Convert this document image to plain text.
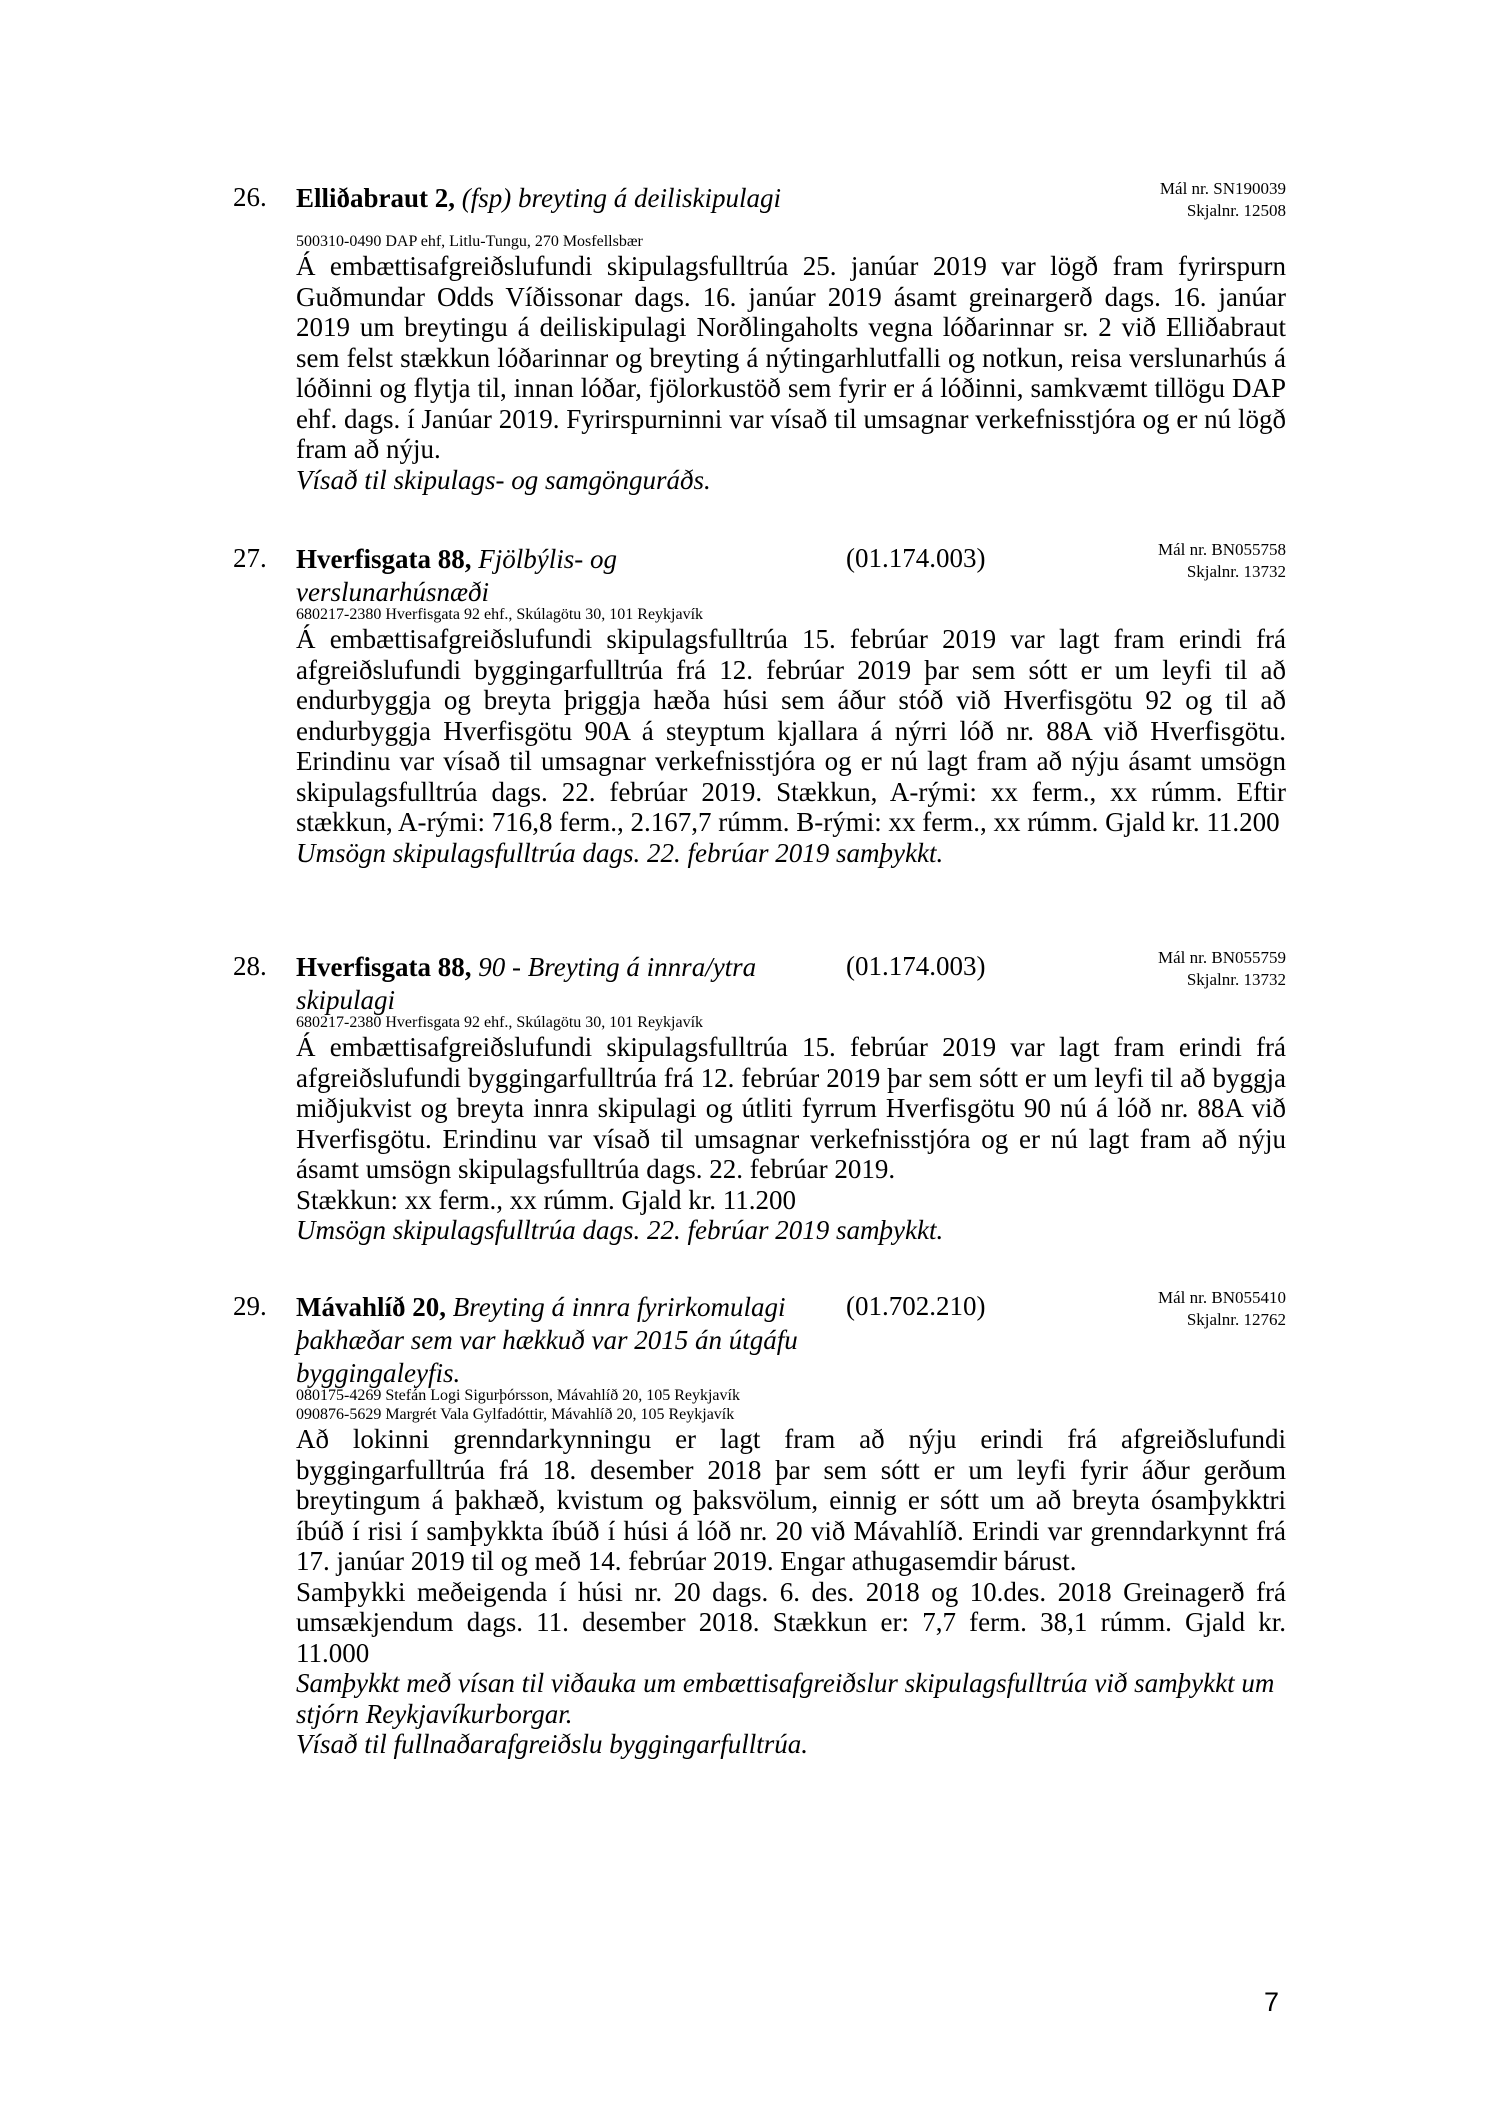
26. Elliðabraut 2, (fsp) breyting á deiliskipulagi	Mál nr. SN190039
Skjalnr. 12508
500310-0490 DAP ehf, Litlu-Tungu, 270 Mosfellsbær

Á embættisafgreiðslufundi skipulagsfulltrúa 25. janúar 2019 var lögð fram fyrirspurn Guðmundar Odds Víðissonar dags. 16. janúar 2019 ásamt greinargerð dags. 16. janúar 2019 um breytingu á deiliskipulagi Norðlingaholts vegna lóðarinnar sr. 2 við Elliðabraut sem felst stækkun lóðarinnar og breyting á nýtingarhlutfalli og notkun, reisa verslunarhús á lóðinni og flytja til, innan lóðar, fjölorkustöð sem fyrir er á lóðinni, samkvæmt tillögu DAP ehf. dags. í Janúar 2019. Fyrirspurninni var vísað til umsagnar verkefnisstjóra og er nú lögð fram að nýju.

Vísað til skipulags- og samgönguráðs.

27. Hverfisgata 88, Fjölbýlis- og verslunarhúsnæði
(01.174.003)	Mál nr. BN055758
Skjalnr. 13732
680217-2380 Hverfisgata 92 ehf., Skúlagötu 30, 101 Reykjavík

Á embættisafgreiðslufundi skipulagsfulltrúa 15. febrúar 2019 var lagt fram erindi frá afgreiðslufundi byggingarfulltrúa frá 12. febrúar 2019 þar sem sótt er um leyfi til að endurbyggja og breyta þriggja hæða húsi sem áður stóð við Hverfisgötu 92 og til að endurbyggja Hverfisgötu 90A á steyptum kjallara á nýrri lóð nr. 88A við Hverfisgötu. Erindinu var vísað til umsagnar verkefnisstjóra og er nú lagt fram að nýju ásamt umsögn skipulagsfulltrúa dags. 22. febrúar 2019. Stækkun, A-rými: xx ferm., xx rúmm. Eftir stækkun, A-rými: 716,8 ferm., 2.167,7 rúmm. B-rými: xx ferm., xx rúmm. Gjald kr. 11.200

Umsögn skipulagsfulltrúa dags. 22. febrúar 2019 samþykkt.

28. Hverfisgata 88, 90 - Breyting á innra/ytra skipulagi
(01.174.003)	Mál nr. BN055759
Skjalnr. 13732
680217-2380 Hverfisgata 92 ehf., Skúlagötu 30, 101 Reykjavík

Á embættisafgreiðslufundi skipulagsfulltrúa 15. febrúar 2019 var lagt fram erindi frá afgreiðslufundi byggingarfulltrúa frá 12. febrúar 2019 þar sem sótt er um leyfi til að byggja miðjukvist og breyta innra skipulagi og útliti fyrrum Hverfisgötu 90 nú á lóð nr. 88A við Hverfisgötu. Erindinu var vísað til umsagnar verkefnisstjóra og er nú lagt fram að nýju ásamt umsögn skipulagsfulltrúa dags. 22. febrúar 2019.

Stækkun: xx ferm., xx rúmm. Gjald kr. 11.200

Umsögn skipulagsfulltrúa dags. 22. febrúar 2019 samþykkt.

29. Mávahlíð 20, Breyting á innra fyrirkomulagi þakhæðar sem var hækkuð var 2015 án útgáfu byggingaleyfis.
(01.702.210)	Mál nr. BN055410
Skjalnr. 12762
080175-4269 Stefán Logi Sigurþórsson, Mávahlíð 20, 105 Reykjavík
090876-5629 Margrét Vala Gylfadóttir, Mávahlíð 20, 105 Reykjavík

Að lokinni grenndarkynningu er lagt fram að nýju erindi frá afgreiðslufundi byggingarfulltrúa frá 18. desember 2018 þar sem sótt er um leyfi fyrir áður gerðum breytingum á þakhæð, kvistum og þaksvölum, einnig er sótt um að breyta ósamþykktri íbúð í risi í samþykkta íbúð í húsi á lóð nr. 20 við Mávahlíð. Erindi var grenndarkynnt frá 17. janúar 2019 til og með 14. febrúar 2019. Engar athugasemdir bárust.

Samþykki meðeigenda í húsi nr. 20 dags. 6. des. 2018 og 10.des. 2018 Greinagerð frá umsækjendum dags. 11. desember 2018. Stækkun er: 7,7 ferm. 38,1 rúmm. Gjald kr. 11.000

Samþykkt með vísan til viðauka um embættisafgreiðslur skipulagsfulltrúa við samþykkt um stjórn Reykjavíkurborgar.

Vísað til fullnaðarafgreiðslu byggingarfulltrúa.

7
